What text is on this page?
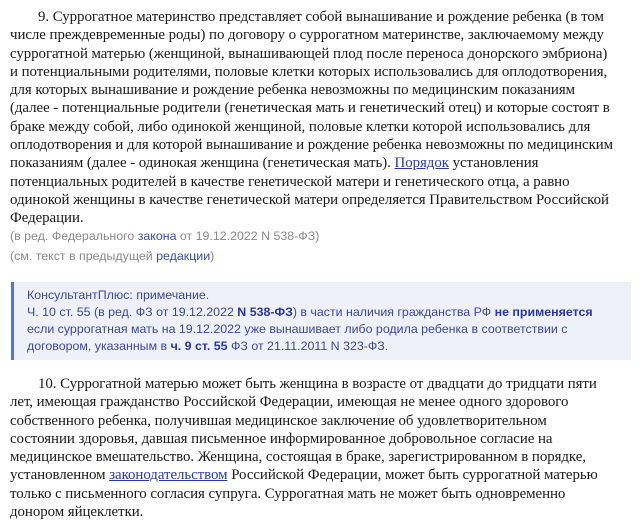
9. Суррогатное материнство представляет собой вынашивание и рождение ребенка (в том
числе преждевременные роды) по договору о суррогатном материнстве, заключаемому между
суррогатной матерью (женщиной, вынашивающей плод после переноса донорского эмбриона)
и потенциальными родителями, половые клетки которых использовались для оплодотворения,
для которых вынашивание и рождение ребенка невозможны по медицинским показаниям
(далее - потенциальные родители (генетическая мать и генетический отец) и которые состоят в
браке между собой, либо одинокой женщиной, половые клетки которой использовались для
оплодотворения и для которой вынашивание и рождение ребенка невозможны по медицинским
показаниям (далее - одинокая женщина (генетическая мать). Порядок установления
потенциальных родителей в качестве генетической матери и генетического отца, а равно
одинокой женщины в качестве генетической матери определяется Правительством Российской
Федерации.
(в ред. Федерального закона от 19.12.2022 N 538-ФЗ)
(см. текст в предыдущей редакции)
КонсультантПлюс: примечание.
Ч. 10 ст. 55 (в ред. ФЗ от 19.12.2022 N 538-ФЗ) в части наличия гражданства РФ не применяется
если суррогатная мать на 19.12.2022 уже вынашивает либо родила ребенка в соответствии с
договором, указанным в ч. 9 ст. 55 ФЗ от 21.11.2011 N 323-ФЗ.
10. Суррогатной матерью может быть женщина в возрасте от двадцати до тридцати пяти
лет, имеющая гражданство Российской Федерации, имеющая не менее одного здорового
собственного ребенка, получившая медицинское заключение об удовлетворительном
состоянии здоровья, давшая письменное информированное добровольное согласие на
медицинское вмешательство. Женщина, состоящая в браке, зарегистрированном в порядке,
установленном законодательством Российской Федерации, может быть суррогатной матерью
только с письменного согласия супруга. Суррогатная мать не может быть одновременно
донором яйцеклетки.
